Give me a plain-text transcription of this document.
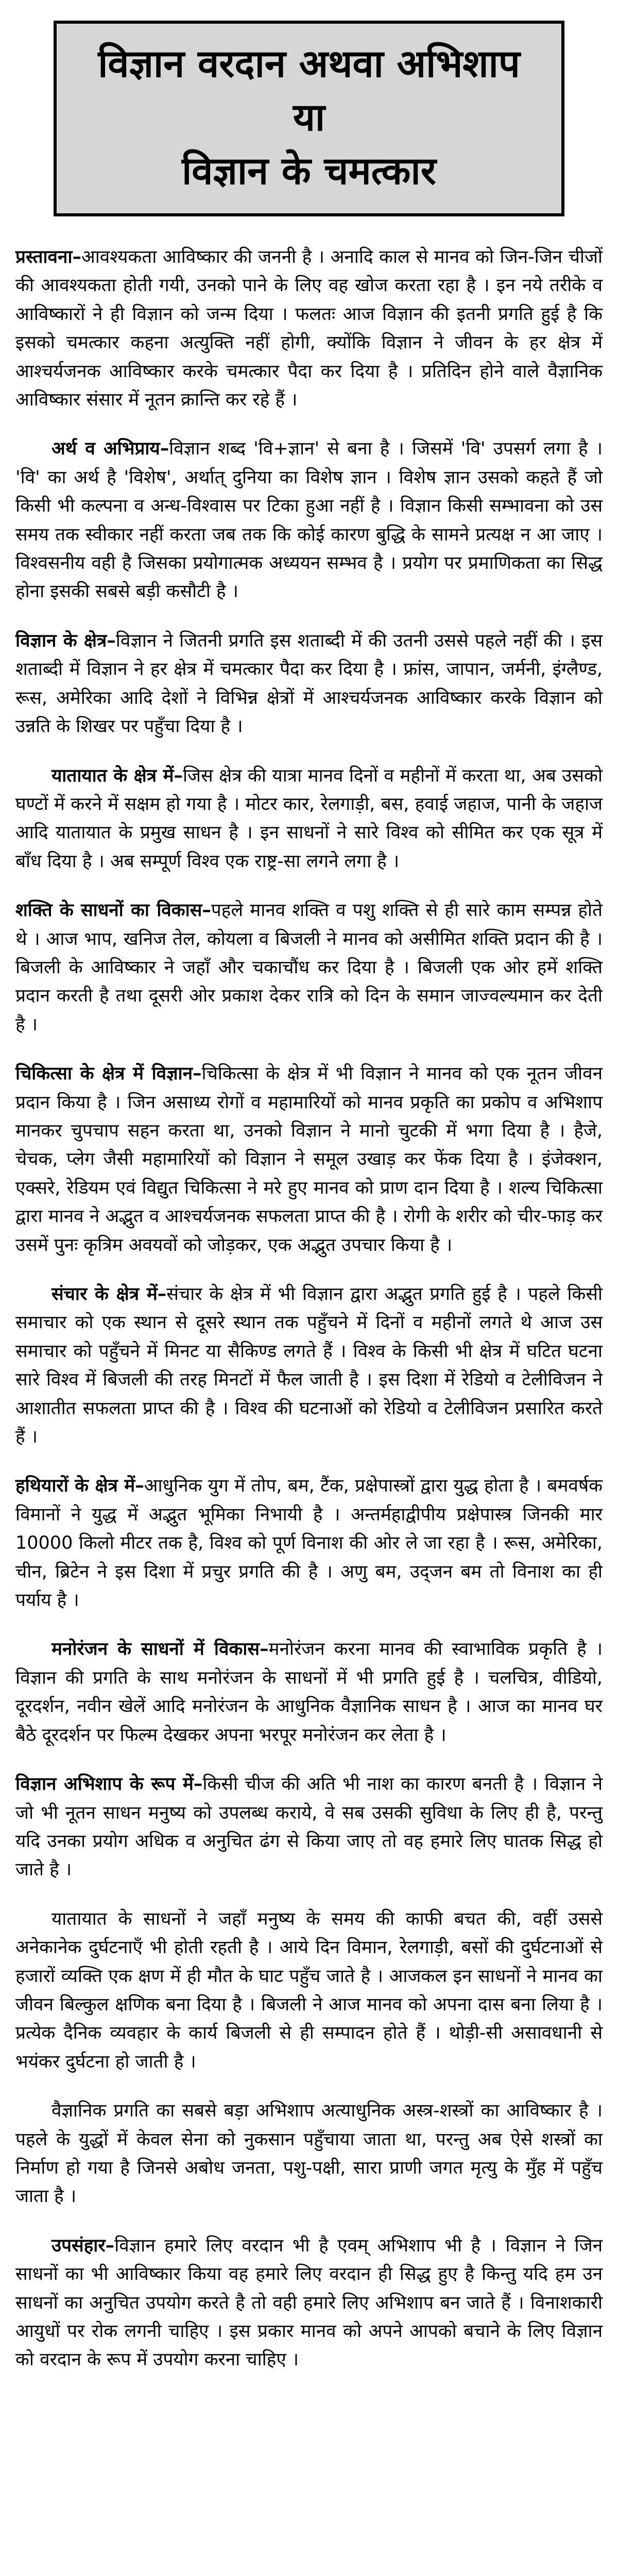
विज्ञान वरदान अथवा अभिशाप
या
विज्ञान के चमत्कार

प्रस्तावना–आवश्यकता आविष्कार की जननी है । अनादि काल से मानव को जिन-जिन चीजों की आवश्यकता होती गयी, उनको पाने के लिए वह खोज करता रहा है । इन नये तरीके व आविष्कारों ने ही विज्ञान को जन्म दिया । फलतः आज विज्ञान की इतनी प्रगति हुई है कि इसको चमत्कार कहना अत्युक्ति नहीं होगी, क्योंकि विज्ञान ने जीवन के हर क्षेत्र में आश्चर्यजनक आविष्कार करके चमत्कार पैदा कर दिया है । प्रतिदिन होने वाले वैज्ञानिक आविष्कार संसार में नूतन क्रान्ति कर रहे हैं ।

अर्थ व अभिप्राय–विज्ञान शब्द 'वि+ज्ञान' से बना है । जिसमें 'वि' उपसर्ग लगा है । 'वि' का अर्थ है 'विशेष', अर्थात् दुनिया का विशेष ज्ञान । विशेष ज्ञान उसको कहते हैं जो किसी भी कल्पना व अन्ध-विश्वास पर टिका हुआ नहीं है । विज्ञान किसी सम्भावना को उस समय तक स्वीकार नहीं करता जब तक कि कोई कारण बुद्धि के सामने प्रत्यक्ष न आ जाए । विश्वसनीय वही है जिसका प्रयोगात्मक अध्ययन सम्भव है । प्रयोग पर प्रमाणिकता का सिद्ध होना इसकी सबसे बड़ी कसौटी है ।

विज्ञान के क्षेत्र–विज्ञान ने जितनी प्रगति इस शताब्दी में की उतनी उससे पहले नहीं की । इस शताब्दी में विज्ञान ने हर क्षेत्र में चमत्कार पैदा कर दिया है । फ्रांस, जापान, जर्मनी, इंग्लैण्ड, रूस, अमेरिका आदि देशों ने विभिन्न क्षेत्रों में आश्चर्यजनक आविष्कार करके विज्ञान को उन्नति के शिखर पर पहुँचा दिया है ।

यातायात के क्षेत्र में–जिस क्षेत्र की यात्रा मानव दिनों व महीनों में करता था, अब उसको घण्टों में करने में सक्षम हो गया है । मोटर कार, रेलगाड़ी, बस, हवाई जहाज, पानी के जहाज आदि यातायात के प्रमुख साधन है । इन साधनों ने सारे विश्व को सीमित कर एक सूत्र में बाँध दिया है । अब सम्पूर्ण विश्व एक राष्ट्र-सा लगने लगा है ।

शक्ति के साधनों का विकास–पहले मानव शक्ति व पशु शक्ति से ही सारे काम सम्पन्न होते थे । आज भाप, खनिज तेल, कोयला व बिजली ने मानव को असीमित शक्ति प्रदान की है । बिजली के आविष्कार ने जहाँ और चकाचौंध कर दिया है । बिजली एक ओर हमें शक्ति प्रदान करती है तथा दूसरी ओर प्रकाश देकर रात्रि को दिन के समान जाज्वल्यमान कर देती है ।

चिकित्सा के क्षेत्र में विज्ञान–चिकित्सा के क्षेत्र में भी विज्ञान ने मानव को एक नूतन जीवन प्रदान किया है । जिन असाध्य रोगों व महामारियों को मानव प्रकृति का प्रकोप व अभिशाप मानकर चुपचाप सहन करता था, उनको विज्ञान ने मानो चुटकी में भगा दिया है । हैजे, चेचक, प्लेग जैसी महामारियों को विज्ञान ने समूल उखाड़ कर फेंक दिया है । इंजेक्शन, एक्सरे, रेडियम एवं विद्युत चिकित्सा ने मरे हुए मानव को प्राण दान दिया है । शल्य चिकित्सा द्वारा मानव ने अद्भुत व आश्चर्यजनक सफलता प्राप्त की है । रोगी के शरीर को चीर-फाड़ कर उसमें पुनः कृत्रिम अवयवों को जोड़कर, एक अद्भुत उपचार किया है ।

संचार के क्षेत्र में–संचार के क्षेत्र में भी विज्ञान द्वारा अद्भुत प्रगति हुई है । पहले किसी समाचार को एक स्थान से दूसरे स्थान तक पहुँचने में दिनों व महीनों लगते थे आज उस समाचार को पहुँचने में मिनट या सैकिण्ड लगते हैं । विश्व के किसी भी क्षेत्र में घटित घटना सारे विश्व में बिजली की तरह मिनटों में फैल जाती है । इस दिशा में रेडियो व टेलीविजन ने आशातीत सफलता प्राप्त की है । विश्व की घटनाओं को रेडियो व टेलीविजन प्रसारित करते हैं ।

हथियारों के क्षेत्र में–आधुनिक युग में तोप, बम, टैंक, प्रक्षेपास्त्रों द्वारा युद्ध होता है । बमवर्षक विमानों ने युद्ध में अद्भुत भूमिका निभायी है । अन्तर्महाद्वीपीय प्रक्षेपास्त्र जिनकी मार 10000 किलो मीटर तक है, विश्व को पूर्ण विनाश की ओर ले जा रहा है । रूस, अमेरिका, चीन, ब्रिटेन ने इस दिशा में प्रचुर प्रगति की है । अणु बम, उद्जन बम तो विनाश का ही पर्याय है ।

मनोरंजन के साधनों में विकास–मनोरंजन करना मानव की स्वाभाविक प्रकृति है । विज्ञान की प्रगति के साथ मनोरंजन के साधनों में भी प्रगति हुई है । चलचित्र, वीडियो, दूरदर्शन, नवीन खेलें आदि मनोरंजन के आधुनिक वैज्ञानिक साधन है । आज का मानव घर बैठे दूरदर्शन पर फिल्म देखकर अपना भरपूर मनोरंजन कर लेता है ।

विज्ञान अभिशाप के रूप में–किसी चीज की अति भी नाश का कारण बनती है । विज्ञान ने जो भी नूतन साधन मनुष्य को उपलब्ध कराये, वे सब उसकी सुविधा के लिए ही है, परन्तु यदि उनका प्रयोग अधिक व अनुचित ढंग से किया जाए तो वह हमारे लिए घातक सिद्ध हो जाते है ।

यातायात के साधनों ने जहाँ मनुष्य के समय की काफी बचत की, वहीं उससे अनेकानेक दुर्घटनाएँ भी होती रहती है । आये दिन विमान, रेलगाड़ी, बसों की दुर्घटनाओं से हजारों व्यक्ति एक क्षण में ही मौत के घाट पहुँच जाते है । आजकल इन साधनों ने मानव का जीवन बिल्कुल क्षणिक बना दिया है । बिजली ने आज मानव को अपना दास बना लिया है । प्रत्येक दैनिक व्यवहार के कार्य बिजली से ही सम्पादन होते हैं । थोड़ी-सी असावधानी से भयंकर दुर्घटना हो जाती है ।

वैज्ञानिक प्रगति का सबसे बड़ा अभिशाप अत्याधुनिक अस्त्र-शस्त्रों का आविष्कार है । पहले के युद्धों में केवल सेना को नुकसान पहुँचाया जाता था, परन्तु अब ऐसे शस्त्रों का निर्माण हो गया है जिनसे अबोध जनता, पशु-पक्षी, सारा प्राणी जगत मृत्यु के मुँह में पहुँच जाता है ।

उपसंहार–विज्ञान हमारे लिए वरदान भी है एवम् अभिशाप भी है । विज्ञान ने जिन साधनों का भी आविष्कार किया वह हमारे लिए वरदान ही सिद्ध हुए है किन्तु यदि हम उन साधनों का अनुचित उपयोग करते है तो वही हमारे लिए अभिशाप बन जाते हैं । विनाशकारी आयुधों पर रोक लगनी चाहिए । इस प्रकार मानव को अपने आपको बचाने के लिए विज्ञान को वरदान के रूप में उपयोग करना चाहिए ।
